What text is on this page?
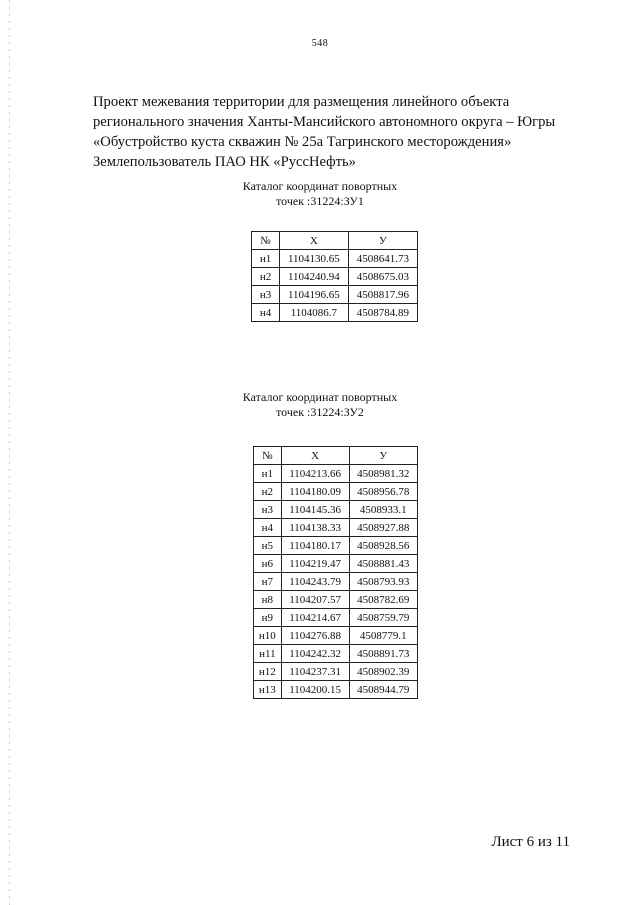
548
Проект межевания территории для размещения линейного объекта
регионального значения Ханты-Мансийского автономного округа – Югры
«Обустройство куста скважин № 25а Тагринского месторождения»
Землепользователь ПАО НК «РуссНефть»
Каталог координат повортных
точек :31224:ЗУ1
№	Х	У
н1	1104130.65	4508641.73
н2	1104240.94	4508675.03
н3	1104196.65	4508817.96
н4	1104086.7	4508784.89
Каталог координат повортных
точек :31224:ЗУ2
№	Х	У
н1	1104213.66	4508981.32
н2	1104180.09	4508956.78
н3	1104145.36	4508933.1
н4	1104138.33	4508927.88
н5	1104180.17	4508928.56
н6	1104219.47	4508881.43
н7	1104243.79	4508793.93
н8	1104207.57	4508782.69
н9	1104214.67	4508759.79
н10	1104276.88	4508779.1
н11	1104242.32	4508891.73
н12	1104237.31	4508902.39
н13	1104200.15	4508944.79
Лист 6 из 11
